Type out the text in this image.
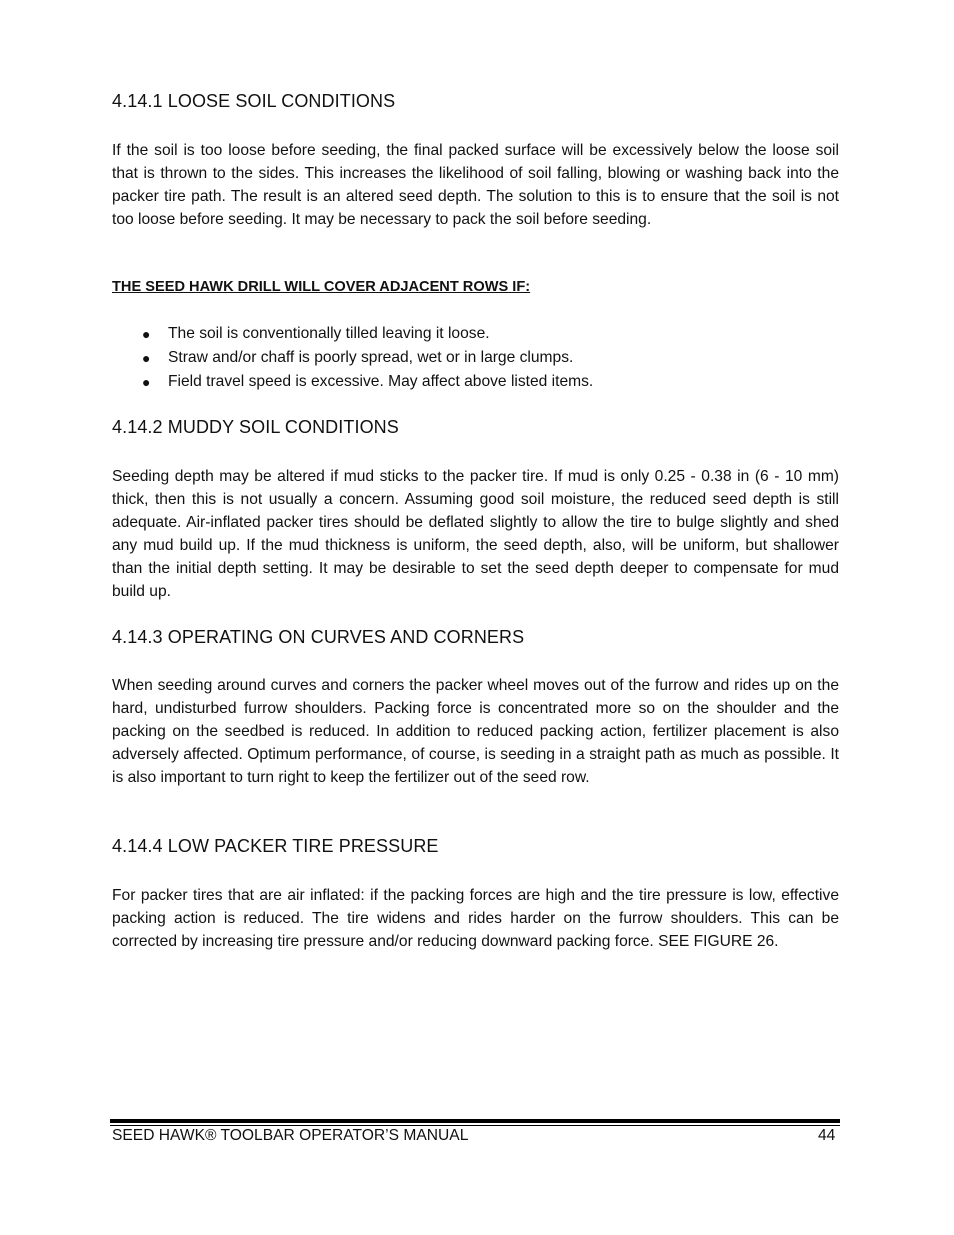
4.14.1 LOOSE SOIL CONDITIONS
If the soil is too loose before seeding, the final packed surface will be excessively below the loose soil that is thrown to the sides. This increases the likelihood of soil falling, blowing or washing back into the packer tire path. The result is an altered seed depth. The solution to this is to ensure that the soil is not too loose before seeding. It may be necessary to pack the soil before seeding.
THE SEED HAWK DRILL WILL COVER ADJACENT ROWS IF:
● The soil is conventionally tilled leaving it loose.
● Straw and/or chaff is poorly spread, wet or in large clumps.
● Field travel speed is excessive. May affect above listed items.
4.14.2 MUDDY SOIL CONDITIONS
Seeding depth may be altered if mud sticks to the packer tire. If mud is only 0.25 - 0.38 in (6 - 10 mm) thick, then this is not usually a concern. Assuming good soil moisture, the reduced seed depth is still adequate. Air-inflated packer tires should be deflated slightly to allow the tire to bulge slightly and shed any mud build up. If the mud thickness is uniform, the seed depth, also, will be uniform, but shallower than the initial depth setting. It may be desirable to set the seed depth deeper to compensate for mud build up.
4.14.3 OPERATING ON CURVES AND CORNERS
When seeding around curves and corners the packer wheel moves out of the furrow and rides up on the hard, undisturbed furrow shoulders. Packing force is concentrated more so on the shoulder and the packing on the seedbed is reduced. In addition to reduced packing action, fertilizer placement is also adversely affected. Optimum performance, of course, is seeding in a straight path as much as possible. It is also important to turn right to keep the fertilizer out of the seed row.
4.14.4 LOW PACKER TIRE PRESSURE
For packer tires that are air inflated: if the packing forces are high and the tire pressure is low, effective packing action is reduced. The tire widens and rides harder on the furrow shoulders. This can be corrected by increasing tire pressure and/or reducing downward packing force. SEE FIGURE 26.
SEED HAWK® TOOLBAR OPERATOR’S MANUAL	44
